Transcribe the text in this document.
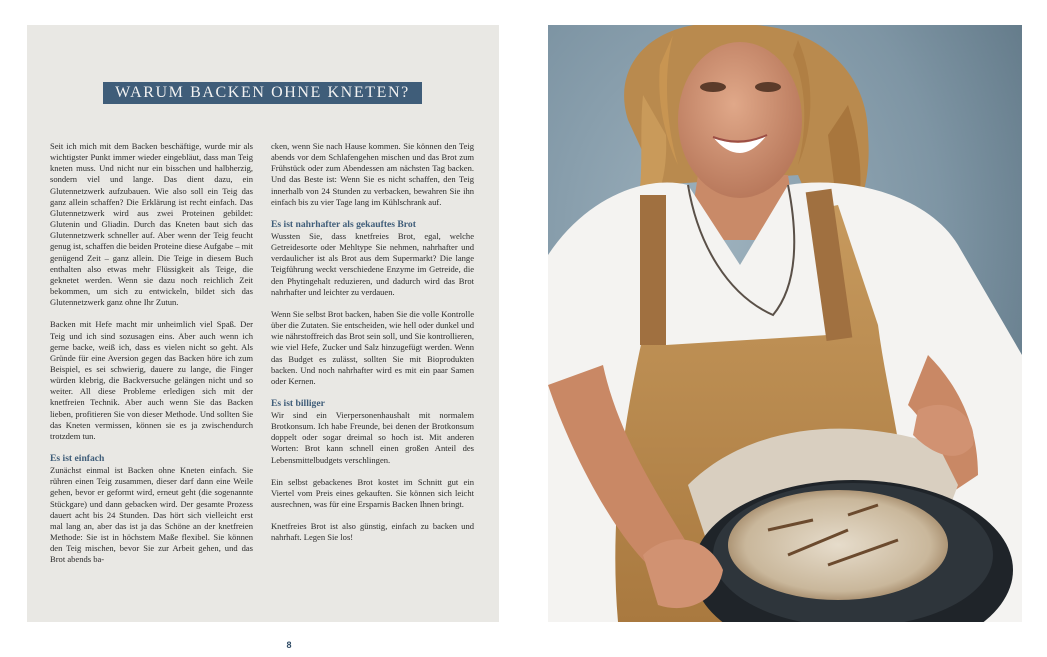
WARUM BACKEN OHNE KNETEN?

Seit ich mich mit dem Backen beschäftige, wurde mir als wichtigster Punkt immer wieder eingebläut, dass man Teig kneten muss. Und nicht nur ein bisschen und halbherzig, sondern viel und lange. Das dient dazu, ein Glutennetzwerk aufzubauen. Wie also soll ein Teig das ganz allein schaffen? Die Erklärung ist recht einfach. Das Glutennetzwerk wird aus zwei Proteinen gebildet: Glutenin und Gliadin. Durch das Kneten baut sich das Glutennetzwerk schneller auf. Aber wenn der Teig feucht genug ist, schaffen die beiden Proteine diese Aufgabe – mit genügend Zeit – ganz allein. Die Teige in diesem Buch enthalten also etwas mehr Flüssigkeit als Teige, die geknetet werden. Wenn sie dazu noch reichlich Zeit bekommen, um sich zu entwickeln, bildet sich das Glutennetzwerk ganz ohne Ihr Zutun.

Backen mit Hefe macht mir unheimlich viel Spaß. Der Teig und ich sind sozusagen eins. Aber auch wenn ich gerne backe, weiß ich, dass es vielen nicht so geht. Als Gründe für eine Aversion gegen das Backen höre ich zum Beispiel, es sei schwierig, dauere zu lange, die Finger würden klebrig, die Backversuche gelängen nicht und so weiter. All diese Probleme erledigen sich mit der knetfreien Technik. Aber auch wenn Sie das Backen lieben, profitieren Sie von dieser Methode. Und sollten Sie das Kneten vermissen, können sie es ja zwischendurch trotzdem tun.

Es ist einfach

Zunächst einmal ist Backen ohne Kneten einfach. Sie rühren einen Teig zusammen, dieser darf dann eine Weile gehen, bevor er geformt wird, erneut geht (die sogenannte Stückgare) und dann gebacken wird. Der gesamte Prozess dauert acht bis 24 Stunden. Das hört sich vielleicht erst mal lang an, aber das ist ja das Schöne an der knetfreien Methode: Sie ist in höchstem Maße flexibel. Sie können den Teig mischen, bevor Sie zur Arbeit gehen, und das Brot abends ba-

cken, wenn Sie nach Hause kommen. Sie können den Teig abends vor dem Schlafengehen mischen und das Brot zum Frühstück oder zum Abendessen am nächsten Tag backen. Und das Beste ist: Wenn Sie es nicht schaffen, den Teig innerhalb von 24 Stunden zu verbacken, bewahren Sie ihn einfach bis zu vier Tage lang im Kühlschrank auf.

Es ist nahrhafter als gekauftes Brot

Wussten Sie, dass knetfreies Brot, egal, welche Getreidesorte oder Mehltype Sie nehmen, nahrhafter und verdaulicher ist als Brot aus dem Supermarkt? Die lange Teigführung weckt verschiedene Enzyme im Getreide, die den Phytingehalt reduzieren, und dadurch wird das Brot nahrhafter und leichter zu verdauen.

Wenn Sie selbst Brot backen, haben Sie die volle Kontrolle über die Zutaten. Sie entscheiden, wie hell oder dunkel und wie nährstoffreich das Brot sein soll, und Sie kontrollieren, wie viel Hefe, Zucker und Salz hinzugefügt werden. Wenn das Budget es zulässt, sollten Sie mit Bioprodukten backen. Und noch nahrhafter wird es mit ein paar Samen oder Kernen.

Es ist billiger

Wir sind ein Vierpersonenhaushalt mit normalem Brotkonsum. Ich habe Freunde, bei denen der Brotkonsum doppelt oder sogar dreimal so hoch ist. Mit anderen Worten: Brot kann schnell einen großen Anteil des Lebensmittelbudgets verschlingen.

Ein selbst gebackenes Brot kostet im Schnitt gut ein Viertel vom Preis eines gekauften. Sie können sich leicht ausrechnen, was für eine Ersparnis Backen Ihnen bringt.

Knetfreies Brot ist also günstig, einfach zu backen und nahrhaft. Legen Sie los!

8
